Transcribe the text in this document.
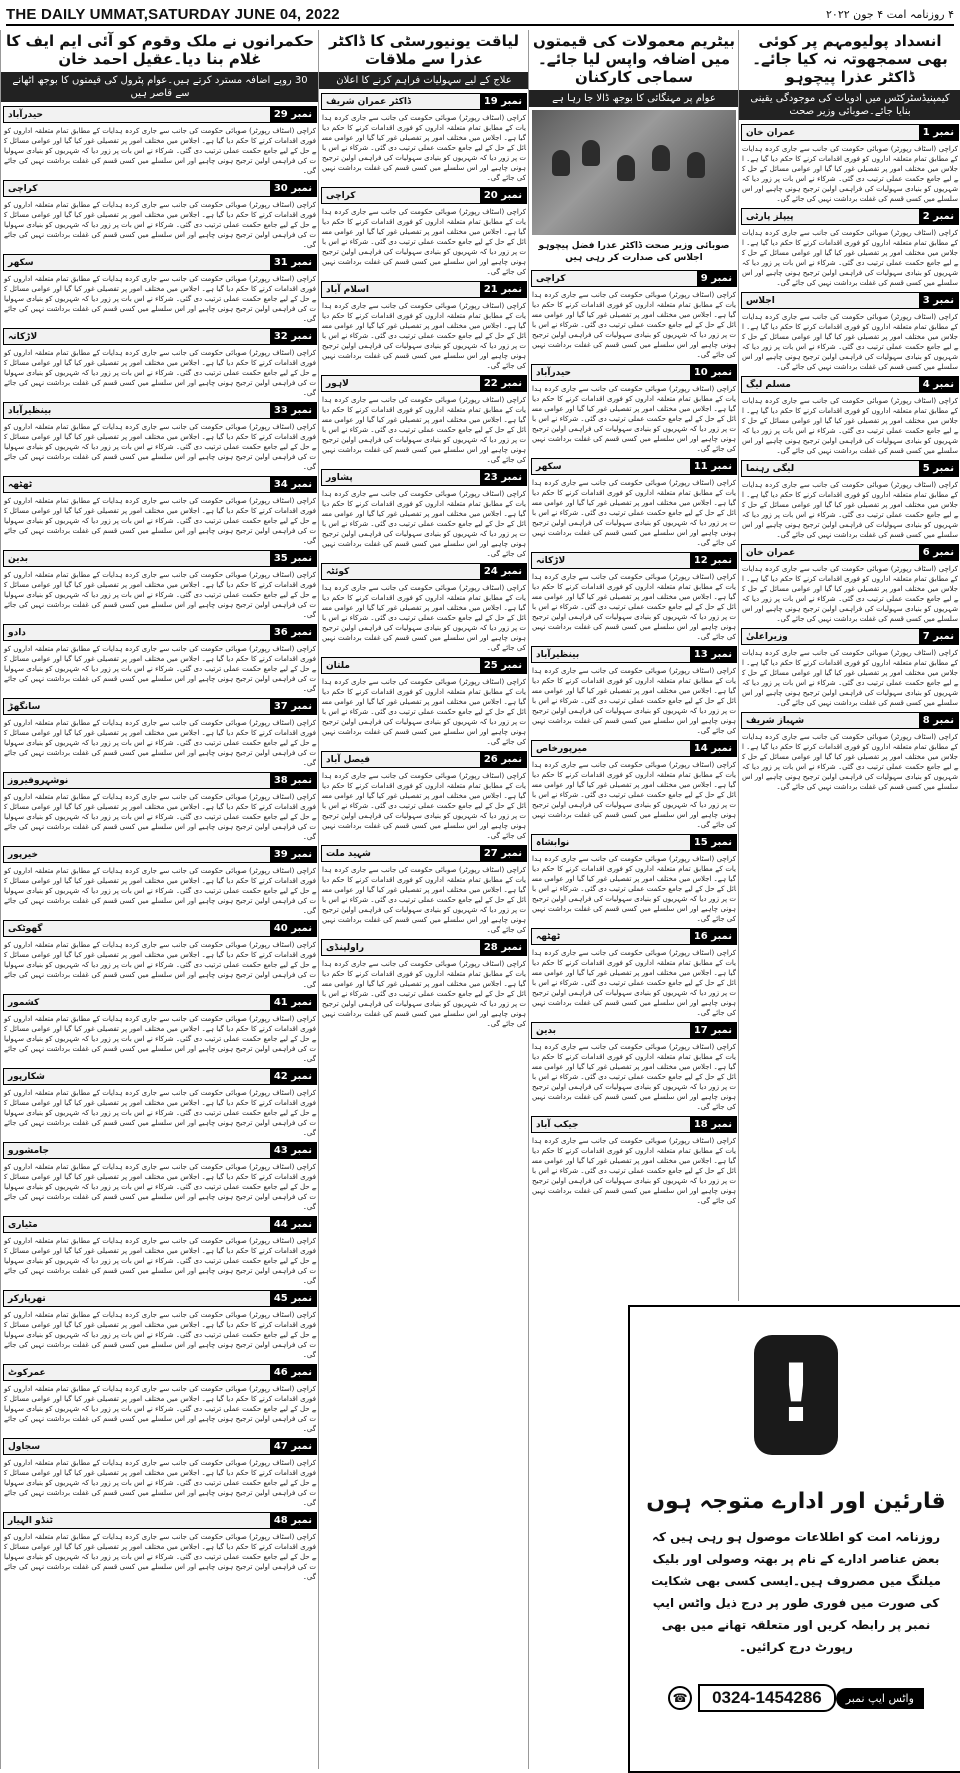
THE DAILY UMMAT,SATURDAY JUNE 04, 2022	۴ روزنامہ امت ۴ جون ۲۰۲۲
حکمرانوں نے ملک وقوم کو آئی ایم ایف کا غلام بنا دیا۔عقیل احمد خان
30 روپے اضافہ مسترد کرتے ہیں۔عوام پٹرول کی قیمتوں کا بوجھ اٹھانے سے قاصر ہیں
نمبر 29
حیدرآباد
کراچی (اسٹاف رپورٹر) صوبائی حکومت کی جانب سے جاری کردہ ہدایات کے مطابق تمام متعلقہ اداروں کو فوری اقدامات کرنے کا حکم دیا گیا ہے۔ اجلاس میں مختلف امور پر تفصیلی غور کیا گیا اور عوامی مسائل کے حل کے لیے جامع حکمت عملی ترتیب دی گئی۔ شرکاء نے اس بات پر زور دیا کہ شہریوں کو بنیادی سہولیات کی فراہمی اولین ترجیح ہونی چاہیے اور اس سلسلے میں کسی قسم کی غفلت برداشت نہیں کی جائے گی۔
نمبر 30
کراچی
کراچی (اسٹاف رپورٹر) صوبائی حکومت کی جانب سے جاری کردہ ہدایات کے مطابق تمام متعلقہ اداروں کو فوری اقدامات کرنے کا حکم دیا گیا ہے۔ اجلاس میں مختلف امور پر تفصیلی غور کیا گیا اور عوامی مسائل کے حل کے لیے جامع حکمت عملی ترتیب دی گئی۔ شرکاء نے اس بات پر زور دیا کہ شہریوں کو بنیادی سہولیات کی فراہمی اولین ترجیح ہونی چاہیے اور اس سلسلے میں کسی قسم کی غفلت برداشت نہیں کی جائے گی۔
نمبر 31
سکھر
کراچی (اسٹاف رپورٹر) صوبائی حکومت کی جانب سے جاری کردہ ہدایات کے مطابق تمام متعلقہ اداروں کو فوری اقدامات کرنے کا حکم دیا گیا ہے۔ اجلاس میں مختلف امور پر تفصیلی غور کیا گیا اور عوامی مسائل کے حل کے لیے جامع حکمت عملی ترتیب دی گئی۔ شرکاء نے اس بات پر زور دیا کہ شہریوں کو بنیادی سہولیات کی فراہمی اولین ترجیح ہونی چاہیے اور اس سلسلے میں کسی قسم کی غفلت برداشت نہیں کی جائے گی۔
نمبر 32
لاڑکانہ
کراچی (اسٹاف رپورٹر) صوبائی حکومت کی جانب سے جاری کردہ ہدایات کے مطابق تمام متعلقہ اداروں کو فوری اقدامات کرنے کا حکم دیا گیا ہے۔ اجلاس میں مختلف امور پر تفصیلی غور کیا گیا اور عوامی مسائل کے حل کے لیے جامع حکمت عملی ترتیب دی گئی۔ شرکاء نے اس بات پر زور دیا کہ شہریوں کو بنیادی سہولیات کی فراہمی اولین ترجیح ہونی چاہیے اور اس سلسلے میں کسی قسم کی غفلت برداشت نہیں کی جائے گی۔
نمبر 33
بینظیرآباد
کراچی (اسٹاف رپورٹر) صوبائی حکومت کی جانب سے جاری کردہ ہدایات کے مطابق تمام متعلقہ اداروں کو فوری اقدامات کرنے کا حکم دیا گیا ہے۔ اجلاس میں مختلف امور پر تفصیلی غور کیا گیا اور عوامی مسائل کے حل کے لیے جامع حکمت عملی ترتیب دی گئی۔ شرکاء نے اس بات پر زور دیا کہ شہریوں کو بنیادی سہولیات کی فراہمی اولین ترجیح ہونی چاہیے اور اس سلسلے میں کسی قسم کی غفلت برداشت نہیں کی جائے گی۔
نمبر 34
ٹھٹھہ
کراچی (اسٹاف رپورٹر) صوبائی حکومت کی جانب سے جاری کردہ ہدایات کے مطابق تمام متعلقہ اداروں کو فوری اقدامات کرنے کا حکم دیا گیا ہے۔ اجلاس میں مختلف امور پر تفصیلی غور کیا گیا اور عوامی مسائل کے حل کے لیے جامع حکمت عملی ترتیب دی گئی۔ شرکاء نے اس بات پر زور دیا کہ شہریوں کو بنیادی سہولیات کی فراہمی اولین ترجیح ہونی چاہیے اور اس سلسلے میں کسی قسم کی غفلت برداشت نہیں کی جائے گی۔
نمبر 35
بدین
کراچی (اسٹاف رپورٹر) صوبائی حکومت کی جانب سے جاری کردہ ہدایات کے مطابق تمام متعلقہ اداروں کو فوری اقدامات کرنے کا حکم دیا گیا ہے۔ اجلاس میں مختلف امور پر تفصیلی غور کیا گیا اور عوامی مسائل کے حل کے لیے جامع حکمت عملی ترتیب دی گئی۔ شرکاء نے اس بات پر زور دیا کہ شہریوں کو بنیادی سہولیات کی فراہمی اولین ترجیح ہونی چاہیے اور اس سلسلے میں کسی قسم کی غفلت برداشت نہیں کی جائے گی۔
نمبر 36
دادو
کراچی (اسٹاف رپورٹر) صوبائی حکومت کی جانب سے جاری کردہ ہدایات کے مطابق تمام متعلقہ اداروں کو فوری اقدامات کرنے کا حکم دیا گیا ہے۔ اجلاس میں مختلف امور پر تفصیلی غور کیا گیا اور عوامی مسائل کے حل کے لیے جامع حکمت عملی ترتیب دی گئی۔ شرکاء نے اس بات پر زور دیا کہ شہریوں کو بنیادی سہولیات کی فراہمی اولین ترجیح ہونی چاہیے اور اس سلسلے میں کسی قسم کی غفلت برداشت نہیں کی جائے گی۔
نمبر 37
سانگھڑ
کراچی (اسٹاف رپورٹر) صوبائی حکومت کی جانب سے جاری کردہ ہدایات کے مطابق تمام متعلقہ اداروں کو فوری اقدامات کرنے کا حکم دیا گیا ہے۔ اجلاس میں مختلف امور پر تفصیلی غور کیا گیا اور عوامی مسائل کے حل کے لیے جامع حکمت عملی ترتیب دی گئی۔ شرکاء نے اس بات پر زور دیا کہ شہریوں کو بنیادی سہولیات کی فراہمی اولین ترجیح ہونی چاہیے اور اس سلسلے میں کسی قسم کی غفلت برداشت نہیں کی جائے گی۔
نمبر 38
نوشہروفیروز
کراچی (اسٹاف رپورٹر) صوبائی حکومت کی جانب سے جاری کردہ ہدایات کے مطابق تمام متعلقہ اداروں کو فوری اقدامات کرنے کا حکم دیا گیا ہے۔ اجلاس میں مختلف امور پر تفصیلی غور کیا گیا اور عوامی مسائل کے حل کے لیے جامع حکمت عملی ترتیب دی گئی۔ شرکاء نے اس بات پر زور دیا کہ شہریوں کو بنیادی سہولیات کی فراہمی اولین ترجیح ہونی چاہیے اور اس سلسلے میں کسی قسم کی غفلت برداشت نہیں کی جائے گی۔
نمبر 39
خیرپور
کراچی (اسٹاف رپورٹر) صوبائی حکومت کی جانب سے جاری کردہ ہدایات کے مطابق تمام متعلقہ اداروں کو فوری اقدامات کرنے کا حکم دیا گیا ہے۔ اجلاس میں مختلف امور پر تفصیلی غور کیا گیا اور عوامی مسائل کے حل کے لیے جامع حکمت عملی ترتیب دی گئی۔ شرکاء نے اس بات پر زور دیا کہ شہریوں کو بنیادی سہولیات کی فراہمی اولین ترجیح ہونی چاہیے اور اس سلسلے میں کسی قسم کی غفلت برداشت نہیں کی جائے گی۔
نمبر 40
گھوٹکی
کراچی (اسٹاف رپورٹر) صوبائی حکومت کی جانب سے جاری کردہ ہدایات کے مطابق تمام متعلقہ اداروں کو فوری اقدامات کرنے کا حکم دیا گیا ہے۔ اجلاس میں مختلف امور پر تفصیلی غور کیا گیا اور عوامی مسائل کے حل کے لیے جامع حکمت عملی ترتیب دی گئی۔ شرکاء نے اس بات پر زور دیا کہ شہریوں کو بنیادی سہولیات کی فراہمی اولین ترجیح ہونی چاہیے اور اس سلسلے میں کسی قسم کی غفلت برداشت نہیں کی جائے گی۔
نمبر 41
کشمور
کراچی (اسٹاف رپورٹر) صوبائی حکومت کی جانب سے جاری کردہ ہدایات کے مطابق تمام متعلقہ اداروں کو فوری اقدامات کرنے کا حکم دیا گیا ہے۔ اجلاس میں مختلف امور پر تفصیلی غور کیا گیا اور عوامی مسائل کے حل کے لیے جامع حکمت عملی ترتیب دی گئی۔ شرکاء نے اس بات پر زور دیا کہ شہریوں کو بنیادی سہولیات کی فراہمی اولین ترجیح ہونی چاہیے اور اس سلسلے میں کسی قسم کی غفلت برداشت نہیں کی جائے گی۔
نمبر 42
شکارپور
کراچی (اسٹاف رپورٹر) صوبائی حکومت کی جانب سے جاری کردہ ہدایات کے مطابق تمام متعلقہ اداروں کو فوری اقدامات کرنے کا حکم دیا گیا ہے۔ اجلاس میں مختلف امور پر تفصیلی غور کیا گیا اور عوامی مسائل کے حل کے لیے جامع حکمت عملی ترتیب دی گئی۔ شرکاء نے اس بات پر زور دیا کہ شہریوں کو بنیادی سہولیات کی فراہمی اولین ترجیح ہونی چاہیے اور اس سلسلے میں کسی قسم کی غفلت برداشت نہیں کی جائے گی۔
نمبر 43
جامشورو
کراچی (اسٹاف رپورٹر) صوبائی حکومت کی جانب سے جاری کردہ ہدایات کے مطابق تمام متعلقہ اداروں کو فوری اقدامات کرنے کا حکم دیا گیا ہے۔ اجلاس میں مختلف امور پر تفصیلی غور کیا گیا اور عوامی مسائل کے حل کے لیے جامع حکمت عملی ترتیب دی گئی۔ شرکاء نے اس بات پر زور دیا کہ شہریوں کو بنیادی سہولیات کی فراہمی اولین ترجیح ہونی چاہیے اور اس سلسلے میں کسی قسم کی غفلت برداشت نہیں کی جائے گی۔
نمبر 44
مٹیاری
کراچی (اسٹاف رپورٹر) صوبائی حکومت کی جانب سے جاری کردہ ہدایات کے مطابق تمام متعلقہ اداروں کو فوری اقدامات کرنے کا حکم دیا گیا ہے۔ اجلاس میں مختلف امور پر تفصیلی غور کیا گیا اور عوامی مسائل کے حل کے لیے جامع حکمت عملی ترتیب دی گئی۔ شرکاء نے اس بات پر زور دیا کہ شہریوں کو بنیادی سہولیات کی فراہمی اولین ترجیح ہونی چاہیے اور اس سلسلے میں کسی قسم کی غفلت برداشت نہیں کی جائے گی۔
نمبر 45
تھرپارکر
کراچی (اسٹاف رپورٹر) صوبائی حکومت کی جانب سے جاری کردہ ہدایات کے مطابق تمام متعلقہ اداروں کو فوری اقدامات کرنے کا حکم دیا گیا ہے۔ اجلاس میں مختلف امور پر تفصیلی غور کیا گیا اور عوامی مسائل کے حل کے لیے جامع حکمت عملی ترتیب دی گئی۔ شرکاء نے اس بات پر زور دیا کہ شہریوں کو بنیادی سہولیات کی فراہمی اولین ترجیح ہونی چاہیے اور اس سلسلے میں کسی قسم کی غفلت برداشت نہیں کی جائے گی۔
نمبر 46
عمرکوٹ
کراچی (اسٹاف رپورٹر) صوبائی حکومت کی جانب سے جاری کردہ ہدایات کے مطابق تمام متعلقہ اداروں کو فوری اقدامات کرنے کا حکم دیا گیا ہے۔ اجلاس میں مختلف امور پر تفصیلی غور کیا گیا اور عوامی مسائل کے حل کے لیے جامع حکمت عملی ترتیب دی گئی۔ شرکاء نے اس بات پر زور دیا کہ شہریوں کو بنیادی سہولیات کی فراہمی اولین ترجیح ہونی چاہیے اور اس سلسلے میں کسی قسم کی غفلت برداشت نہیں کی جائے گی۔
نمبر 47
سجاول
کراچی (اسٹاف رپورٹر) صوبائی حکومت کی جانب سے جاری کردہ ہدایات کے مطابق تمام متعلقہ اداروں کو فوری اقدامات کرنے کا حکم دیا گیا ہے۔ اجلاس میں مختلف امور پر تفصیلی غور کیا گیا اور عوامی مسائل کے حل کے لیے جامع حکمت عملی ترتیب دی گئی۔ شرکاء نے اس بات پر زور دیا کہ شہریوں کو بنیادی سہولیات کی فراہمی اولین ترجیح ہونی چاہیے اور اس سلسلے میں کسی قسم کی غفلت برداشت نہیں کی جائے گی۔
نمبر 48
ٹنڈو الہیار
کراچی (اسٹاف رپورٹر) صوبائی حکومت کی جانب سے جاری کردہ ہدایات کے مطابق تمام متعلقہ اداروں کو فوری اقدامات کرنے کا حکم دیا گیا ہے۔ اجلاس میں مختلف امور پر تفصیلی غور کیا گیا اور عوامی مسائل کے حل کے لیے جامع حکمت عملی ترتیب دی گئی۔ شرکاء نے اس بات پر زور دیا کہ شہریوں کو بنیادی سہولیات کی فراہمی اولین ترجیح ہونی چاہیے اور اس سلسلے میں کسی قسم کی غفلت برداشت نہیں کی جائے گی۔
لیاقت یونیورسٹی کا ڈاکٹر عذرا سے ملاقات
علاج کے لیے سہولیات فراہم کرنے کا اعلان
نمبر 19
ڈاکٹر عمران شریف
کراچی (اسٹاف رپورٹر) صوبائی حکومت کی جانب سے جاری کردہ ہدایات کے مطابق تمام متعلقہ اداروں کو فوری اقدامات کرنے کا حکم دیا گیا ہے۔ اجلاس میں مختلف امور پر تفصیلی غور کیا گیا اور عوامی مسائل کے حل کے لیے جامع حکمت عملی ترتیب دی گئی۔ شرکاء نے اس بات پر زور دیا کہ شہریوں کو بنیادی سہولیات کی فراہمی اولین ترجیح ہونی چاہیے اور اس سلسلے میں کسی قسم کی غفلت برداشت نہیں کی جائے گی۔
نمبر 20
کراچی
کراچی (اسٹاف رپورٹر) صوبائی حکومت کی جانب سے جاری کردہ ہدایات کے مطابق تمام متعلقہ اداروں کو فوری اقدامات کرنے کا حکم دیا گیا ہے۔ اجلاس میں مختلف امور پر تفصیلی غور کیا گیا اور عوامی مسائل کے حل کے لیے جامع حکمت عملی ترتیب دی گئی۔ شرکاء نے اس بات پر زور دیا کہ شہریوں کو بنیادی سہولیات کی فراہمی اولین ترجیح ہونی چاہیے اور اس سلسلے میں کسی قسم کی غفلت برداشت نہیں کی جائے گی۔
نمبر 21
اسلام آباد
کراچی (اسٹاف رپورٹر) صوبائی حکومت کی جانب سے جاری کردہ ہدایات کے مطابق تمام متعلقہ اداروں کو فوری اقدامات کرنے کا حکم دیا گیا ہے۔ اجلاس میں مختلف امور پر تفصیلی غور کیا گیا اور عوامی مسائل کے حل کے لیے جامع حکمت عملی ترتیب دی گئی۔ شرکاء نے اس بات پر زور دیا کہ شہریوں کو بنیادی سہولیات کی فراہمی اولین ترجیح ہونی چاہیے اور اس سلسلے میں کسی قسم کی غفلت برداشت نہیں کی جائے گی۔
نمبر 22
لاہور
کراچی (اسٹاف رپورٹر) صوبائی حکومت کی جانب سے جاری کردہ ہدایات کے مطابق تمام متعلقہ اداروں کو فوری اقدامات کرنے کا حکم دیا گیا ہے۔ اجلاس میں مختلف امور پر تفصیلی غور کیا گیا اور عوامی مسائل کے حل کے لیے جامع حکمت عملی ترتیب دی گئی۔ شرکاء نے اس بات پر زور دیا کہ شہریوں کو بنیادی سہولیات کی فراہمی اولین ترجیح ہونی چاہیے اور اس سلسلے میں کسی قسم کی غفلت برداشت نہیں کی جائے گی۔
نمبر 23
پشاور
کراچی (اسٹاف رپورٹر) صوبائی حکومت کی جانب سے جاری کردہ ہدایات کے مطابق تمام متعلقہ اداروں کو فوری اقدامات کرنے کا حکم دیا گیا ہے۔ اجلاس میں مختلف امور پر تفصیلی غور کیا گیا اور عوامی مسائل کے حل کے لیے جامع حکمت عملی ترتیب دی گئی۔ شرکاء نے اس بات پر زور دیا کہ شہریوں کو بنیادی سہولیات کی فراہمی اولین ترجیح ہونی چاہیے اور اس سلسلے میں کسی قسم کی غفلت برداشت نہیں کی جائے گی۔
نمبر 24
کوئٹہ
کراچی (اسٹاف رپورٹر) صوبائی حکومت کی جانب سے جاری کردہ ہدایات کے مطابق تمام متعلقہ اداروں کو فوری اقدامات کرنے کا حکم دیا گیا ہے۔ اجلاس میں مختلف امور پر تفصیلی غور کیا گیا اور عوامی مسائل کے حل کے لیے جامع حکمت عملی ترتیب دی گئی۔ شرکاء نے اس بات پر زور دیا کہ شہریوں کو بنیادی سہولیات کی فراہمی اولین ترجیح ہونی چاہیے اور اس سلسلے میں کسی قسم کی غفلت برداشت نہیں کی جائے گی۔
نمبر 25
ملتان
کراچی (اسٹاف رپورٹر) صوبائی حکومت کی جانب سے جاری کردہ ہدایات کے مطابق تمام متعلقہ اداروں کو فوری اقدامات کرنے کا حکم دیا گیا ہے۔ اجلاس میں مختلف امور پر تفصیلی غور کیا گیا اور عوامی مسائل کے حل کے لیے جامع حکمت عملی ترتیب دی گئی۔ شرکاء نے اس بات پر زور دیا کہ شہریوں کو بنیادی سہولیات کی فراہمی اولین ترجیح ہونی چاہیے اور اس سلسلے میں کسی قسم کی غفلت برداشت نہیں کی جائے گی۔
نمبر 26
فیصل آباد
کراچی (اسٹاف رپورٹر) صوبائی حکومت کی جانب سے جاری کردہ ہدایات کے مطابق تمام متعلقہ اداروں کو فوری اقدامات کرنے کا حکم دیا گیا ہے۔ اجلاس میں مختلف امور پر تفصیلی غور کیا گیا اور عوامی مسائل کے حل کے لیے جامع حکمت عملی ترتیب دی گئی۔ شرکاء نے اس بات پر زور دیا کہ شہریوں کو بنیادی سہولیات کی فراہمی اولین ترجیح ہونی چاہیے اور اس سلسلے میں کسی قسم کی غفلت برداشت نہیں کی جائے گی۔
نمبر 27
شہید ملت
کراچی (اسٹاف رپورٹر) صوبائی حکومت کی جانب سے جاری کردہ ہدایات کے مطابق تمام متعلقہ اداروں کو فوری اقدامات کرنے کا حکم دیا گیا ہے۔ اجلاس میں مختلف امور پر تفصیلی غور کیا گیا اور عوامی مسائل کے حل کے لیے جامع حکمت عملی ترتیب دی گئی۔ شرکاء نے اس بات پر زور دیا کہ شہریوں کو بنیادی سہولیات کی فراہمی اولین ترجیح ہونی چاہیے اور اس سلسلے میں کسی قسم کی غفلت برداشت نہیں کی جائے گی۔
نمبر 28
راولپنڈی
کراچی (اسٹاف رپورٹر) صوبائی حکومت کی جانب سے جاری کردہ ہدایات کے مطابق تمام متعلقہ اداروں کو فوری اقدامات کرنے کا حکم دیا گیا ہے۔ اجلاس میں مختلف امور پر تفصیلی غور کیا گیا اور عوامی مسائل کے حل کے لیے جامع حکمت عملی ترتیب دی گئی۔ شرکاء نے اس بات پر زور دیا کہ شہریوں کو بنیادی سہولیات کی فراہمی اولین ترجیح ہونی چاہیے اور اس سلسلے میں کسی قسم کی غفلت برداشت نہیں کی جائے گی۔
بیٹریم معمولات کی قیمتوں میں اضافہ واپس لیا جائے۔سماجی کارکنان
عوام پر مہنگائی کا بوجھ ڈالا جا رہا ہے
صوبائی وزیر صحت ڈاکٹر عذرا فضل پیچوہو اجلاس کی صدارت کر رہی ہیں
نمبر 9
کراچی
کراچی (اسٹاف رپورٹر) صوبائی حکومت کی جانب سے جاری کردہ ہدایات کے مطابق تمام متعلقہ اداروں کو فوری اقدامات کرنے کا حکم دیا گیا ہے۔ اجلاس میں مختلف امور پر تفصیلی غور کیا گیا اور عوامی مسائل کے حل کے لیے جامع حکمت عملی ترتیب دی گئی۔ شرکاء نے اس بات پر زور دیا کہ شہریوں کو بنیادی سہولیات کی فراہمی اولین ترجیح ہونی چاہیے اور اس سلسلے میں کسی قسم کی غفلت برداشت نہیں کی جائے گی۔
نمبر 10
حیدرآباد
کراچی (اسٹاف رپورٹر) صوبائی حکومت کی جانب سے جاری کردہ ہدایات کے مطابق تمام متعلقہ اداروں کو فوری اقدامات کرنے کا حکم دیا گیا ہے۔ اجلاس میں مختلف امور پر تفصیلی غور کیا گیا اور عوامی مسائل کے حل کے لیے جامع حکمت عملی ترتیب دی گئی۔ شرکاء نے اس بات پر زور دیا کہ شہریوں کو بنیادی سہولیات کی فراہمی اولین ترجیح ہونی چاہیے اور اس سلسلے میں کسی قسم کی غفلت برداشت نہیں کی جائے گی۔
نمبر 11
سکھر
کراچی (اسٹاف رپورٹر) صوبائی حکومت کی جانب سے جاری کردہ ہدایات کے مطابق تمام متعلقہ اداروں کو فوری اقدامات کرنے کا حکم دیا گیا ہے۔ اجلاس میں مختلف امور پر تفصیلی غور کیا گیا اور عوامی مسائل کے حل کے لیے جامع حکمت عملی ترتیب دی گئی۔ شرکاء نے اس بات پر زور دیا کہ شہریوں کو بنیادی سہولیات کی فراہمی اولین ترجیح ہونی چاہیے اور اس سلسلے میں کسی قسم کی غفلت برداشت نہیں کی جائے گی۔
نمبر 12
لاڑکانہ
کراچی (اسٹاف رپورٹر) صوبائی حکومت کی جانب سے جاری کردہ ہدایات کے مطابق تمام متعلقہ اداروں کو فوری اقدامات کرنے کا حکم دیا گیا ہے۔ اجلاس میں مختلف امور پر تفصیلی غور کیا گیا اور عوامی مسائل کے حل کے لیے جامع حکمت عملی ترتیب دی گئی۔ شرکاء نے اس بات پر زور دیا کہ شہریوں کو بنیادی سہولیات کی فراہمی اولین ترجیح ہونی چاہیے اور اس سلسلے میں کسی قسم کی غفلت برداشت نہیں کی جائے گی۔
نمبر 13
بینظیرآباد
کراچی (اسٹاف رپورٹر) صوبائی حکومت کی جانب سے جاری کردہ ہدایات کے مطابق تمام متعلقہ اداروں کو فوری اقدامات کرنے کا حکم دیا گیا ہے۔ اجلاس میں مختلف امور پر تفصیلی غور کیا گیا اور عوامی مسائل کے حل کے لیے جامع حکمت عملی ترتیب دی گئی۔ شرکاء نے اس بات پر زور دیا کہ شہریوں کو بنیادی سہولیات کی فراہمی اولین ترجیح ہونی چاہیے اور اس سلسلے میں کسی قسم کی غفلت برداشت نہیں کی جائے گی۔
نمبر 14
میرپورخاص
کراچی (اسٹاف رپورٹر) صوبائی حکومت کی جانب سے جاری کردہ ہدایات کے مطابق تمام متعلقہ اداروں کو فوری اقدامات کرنے کا حکم دیا گیا ہے۔ اجلاس میں مختلف امور پر تفصیلی غور کیا گیا اور عوامی مسائل کے حل کے لیے جامع حکمت عملی ترتیب دی گئی۔ شرکاء نے اس بات پر زور دیا کہ شہریوں کو بنیادی سہولیات کی فراہمی اولین ترجیح ہونی چاہیے اور اس سلسلے میں کسی قسم کی غفلت برداشت نہیں کی جائے گی۔
نمبر 15
نوابشاہ
کراچی (اسٹاف رپورٹر) صوبائی حکومت کی جانب سے جاری کردہ ہدایات کے مطابق تمام متعلقہ اداروں کو فوری اقدامات کرنے کا حکم دیا گیا ہے۔ اجلاس میں مختلف امور پر تفصیلی غور کیا گیا اور عوامی مسائل کے حل کے لیے جامع حکمت عملی ترتیب دی گئی۔ شرکاء نے اس بات پر زور دیا کہ شہریوں کو بنیادی سہولیات کی فراہمی اولین ترجیح ہونی چاہیے اور اس سلسلے میں کسی قسم کی غفلت برداشت نہیں کی جائے گی۔
نمبر 16
ٹھٹھہ
کراچی (اسٹاف رپورٹر) صوبائی حکومت کی جانب سے جاری کردہ ہدایات کے مطابق تمام متعلقہ اداروں کو فوری اقدامات کرنے کا حکم دیا گیا ہے۔ اجلاس میں مختلف امور پر تفصیلی غور کیا گیا اور عوامی مسائل کے حل کے لیے جامع حکمت عملی ترتیب دی گئی۔ شرکاء نے اس بات پر زور دیا کہ شہریوں کو بنیادی سہولیات کی فراہمی اولین ترجیح ہونی چاہیے اور اس سلسلے میں کسی قسم کی غفلت برداشت نہیں کی جائے گی۔
نمبر 17
بدین
کراچی (اسٹاف رپورٹر) صوبائی حکومت کی جانب سے جاری کردہ ہدایات کے مطابق تمام متعلقہ اداروں کو فوری اقدامات کرنے کا حکم دیا گیا ہے۔ اجلاس میں مختلف امور پر تفصیلی غور کیا گیا اور عوامی مسائل کے حل کے لیے جامع حکمت عملی ترتیب دی گئی۔ شرکاء نے اس بات پر زور دیا کہ شہریوں کو بنیادی سہولیات کی فراہمی اولین ترجیح ہونی چاہیے اور اس سلسلے میں کسی قسم کی غفلت برداشت نہیں کی جائے گی۔
نمبر 18
جیکب آباد
کراچی (اسٹاف رپورٹر) صوبائی حکومت کی جانب سے جاری کردہ ہدایات کے مطابق تمام متعلقہ اداروں کو فوری اقدامات کرنے کا حکم دیا گیا ہے۔ اجلاس میں مختلف امور پر تفصیلی غور کیا گیا اور عوامی مسائل کے حل کے لیے جامع حکمت عملی ترتیب دی گئی۔ شرکاء نے اس بات پر زور دیا کہ شہریوں کو بنیادی سہولیات کی فراہمی اولین ترجیح ہونی چاہیے اور اس سلسلے میں کسی قسم کی غفلت برداشت نہیں کی جائے گی۔
انسداد پولیومہم پر کوئی بھی سمجھوتہ نہ کیا جائے۔ڈاکٹر عذرا پیچوہو
کیمپنیڈسٹرکٹس میں ادویات کی موجودگی یقینی بنایا جائے۔صوبائی وزیر صحت
نمبر 1
عمران خان
کراچی (اسٹاف رپورٹر) صوبائی حکومت کی جانب سے جاری کردہ ہدایات کے مطابق تمام متعلقہ اداروں کو فوری اقدامات کرنے کا حکم دیا گیا ہے۔ اجلاس میں مختلف امور پر تفصیلی غور کیا گیا اور عوامی مسائل کے حل کے لیے جامع حکمت عملی ترتیب دی گئی۔ شرکاء نے اس بات پر زور دیا کہ شہریوں کو بنیادی سہولیات کی فراہمی اولین ترجیح ہونی چاہیے اور اس سلسلے میں کسی قسم کی غفلت برداشت نہیں کی جائے گی۔
نمبر 2
پیپلز پارٹی
کراچی (اسٹاف رپورٹر) صوبائی حکومت کی جانب سے جاری کردہ ہدایات کے مطابق تمام متعلقہ اداروں کو فوری اقدامات کرنے کا حکم دیا گیا ہے۔ اجلاس میں مختلف امور پر تفصیلی غور کیا گیا اور عوامی مسائل کے حل کے لیے جامع حکمت عملی ترتیب دی گئی۔ شرکاء نے اس بات پر زور دیا کہ شہریوں کو بنیادی سہولیات کی فراہمی اولین ترجیح ہونی چاہیے اور اس سلسلے میں کسی قسم کی غفلت برداشت نہیں کی جائے گی۔
نمبر 3
اجلاس
کراچی (اسٹاف رپورٹر) صوبائی حکومت کی جانب سے جاری کردہ ہدایات کے مطابق تمام متعلقہ اداروں کو فوری اقدامات کرنے کا حکم دیا گیا ہے۔ اجلاس میں مختلف امور پر تفصیلی غور کیا گیا اور عوامی مسائل کے حل کے لیے جامع حکمت عملی ترتیب دی گئی۔ شرکاء نے اس بات پر زور دیا کہ شہریوں کو بنیادی سہولیات کی فراہمی اولین ترجیح ہونی چاہیے اور اس سلسلے میں کسی قسم کی غفلت برداشت نہیں کی جائے گی۔
نمبر 4
مسلم لیگ
کراچی (اسٹاف رپورٹر) صوبائی حکومت کی جانب سے جاری کردہ ہدایات کے مطابق تمام متعلقہ اداروں کو فوری اقدامات کرنے کا حکم دیا گیا ہے۔ اجلاس میں مختلف امور پر تفصیلی غور کیا گیا اور عوامی مسائل کے حل کے لیے جامع حکمت عملی ترتیب دی گئی۔ شرکاء نے اس بات پر زور دیا کہ شہریوں کو بنیادی سہولیات کی فراہمی اولین ترجیح ہونی چاہیے اور اس سلسلے میں کسی قسم کی غفلت برداشت نہیں کی جائے گی۔
نمبر 5
لیگی رہنما
کراچی (اسٹاف رپورٹر) صوبائی حکومت کی جانب سے جاری کردہ ہدایات کے مطابق تمام متعلقہ اداروں کو فوری اقدامات کرنے کا حکم دیا گیا ہے۔ اجلاس میں مختلف امور پر تفصیلی غور کیا گیا اور عوامی مسائل کے حل کے لیے جامع حکمت عملی ترتیب دی گئی۔ شرکاء نے اس بات پر زور دیا کہ شہریوں کو بنیادی سہولیات کی فراہمی اولین ترجیح ہونی چاہیے اور اس سلسلے میں کسی قسم کی غفلت برداشت نہیں کی جائے گی۔
نمبر 6
عمران خان
کراچی (اسٹاف رپورٹر) صوبائی حکومت کی جانب سے جاری کردہ ہدایات کے مطابق تمام متعلقہ اداروں کو فوری اقدامات کرنے کا حکم دیا گیا ہے۔ اجلاس میں مختلف امور پر تفصیلی غور کیا گیا اور عوامی مسائل کے حل کے لیے جامع حکمت عملی ترتیب دی گئی۔ شرکاء نے اس بات پر زور دیا کہ شہریوں کو بنیادی سہولیات کی فراہمی اولین ترجیح ہونی چاہیے اور اس سلسلے میں کسی قسم کی غفلت برداشت نہیں کی جائے گی۔
نمبر 7
وزیراعلیٰ
کراچی (اسٹاف رپورٹر) صوبائی حکومت کی جانب سے جاری کردہ ہدایات کے مطابق تمام متعلقہ اداروں کو فوری اقدامات کرنے کا حکم دیا گیا ہے۔ اجلاس میں مختلف امور پر تفصیلی غور کیا گیا اور عوامی مسائل کے حل کے لیے جامع حکمت عملی ترتیب دی گئی۔ شرکاء نے اس بات پر زور دیا کہ شہریوں کو بنیادی سہولیات کی فراہمی اولین ترجیح ہونی چاہیے اور اس سلسلے میں کسی قسم کی غفلت برداشت نہیں کی جائے گی۔
نمبر 8
شہباز شریف
کراچی (اسٹاف رپورٹر) صوبائی حکومت کی جانب سے جاری کردہ ہدایات کے مطابق تمام متعلقہ اداروں کو فوری اقدامات کرنے کا حکم دیا گیا ہے۔ اجلاس میں مختلف امور پر تفصیلی غور کیا گیا اور عوامی مسائل کے حل کے لیے جامع حکمت عملی ترتیب دی گئی۔ شرکاء نے اس بات پر زور دیا کہ شہریوں کو بنیادی سہولیات کی فراہمی اولین ترجیح ہونی چاہیے اور اس سلسلے میں کسی قسم کی غفلت برداشت نہیں کی جائے گی۔
!
قارئین اور ادارے متوجہ ہوں
روزنامہ امت کو اطلاعات موصول ہو رہی ہیں کہ بعض عناصر ادارے کے نام پر بھتہ وصولی اور بلیک میلنگ میں مصروف ہیں۔ایسی کسی بھی شکایت کی صورت میں فوری طور پر درج ذیل واٹس ایپ نمبر پر رابطہ کریں اور متعلقہ تھانے میں بھی رپورٹ درج کرائیں۔
☎	0324-1454286	واٹس ایپ نمبر
